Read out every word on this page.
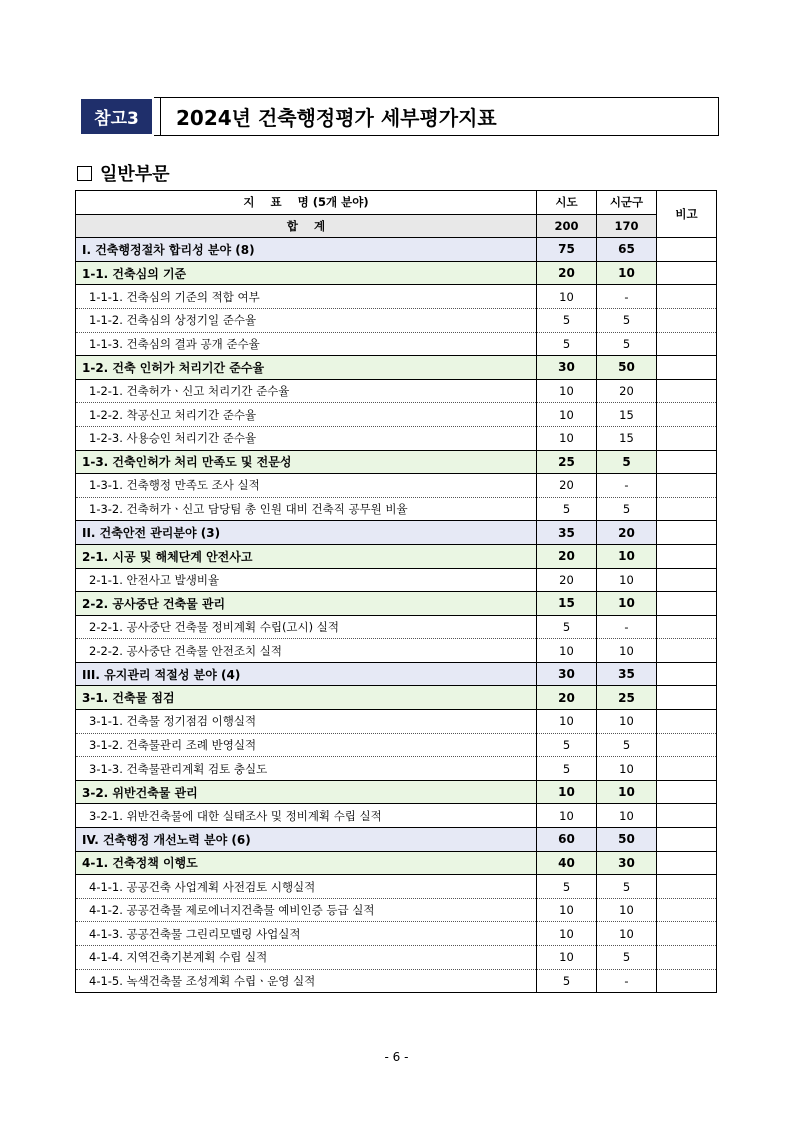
참고3	2024년 건축행정평가 세부평가지표
일반부문
지    표    명 (5개 분야)	시도	시군구	비고
합    계	200	170	
I. 건축행정절차 합리성 분야 (8)	75	65	
1-1. 건축심의 기준	20	10	
1-1-1. 건축심의 기준의 적합 여부	10	-	
1-1-2. 건축심의 상정기일 준수율	5	5	
1-1-3. 건축심의 결과 공개 준수율	5	5	
1-2. 건축 인허가 처리기간 준수율	30	50	
1-2-1. 건축허가ㆍ신고 처리기간 준수율	10	20	
1-2-2. 착공신고 처리기간 준수율	10	15	
1-2-3. 사용승인 처리기간 준수율	10	15	
1-3. 건축인허가 처리 만족도 및 전문성	25	5	
1-3-1. 건축행정 만족도 조사 실적	20	-	
1-3-2. 건축허가ㆍ신고 담당팀 총 인원 대비 건축직 공무원 비율	5	5	
II. 건축안전 관리분야 (3)	35	20	
2-1. 시공 및 해체단계 안전사고	20	10	
2-1-1. 안전사고 발생비율	20	10	
2-2. 공사중단 건축물 관리	15	10	
2-2-1. 공사중단 건축물 정비계획 수립(고시) 실적	5	-	
2-2-2. 공사중단 건축물 안전조치 실적	10	10	
III. 유지관리 적절성 분야 (4)	30	35	
3-1. 건축물 점검	20	25	
3-1-1. 건축물 정기점검 이행실적	10	10	
3-1-2. 건축물관리 조례 반영실적	5	5	
3-1-3. 건축물관리계획 검토 충실도	5	10	
3-2. 위반건축물 관리	10	10	
3-2-1. 위반건축물에 대한 실태조사 및 정비계획 수립 실적	10	10	
IV. 건축행정 개선노력 분야 (6)	60	50	
4-1. 건축정책 이행도	40	30	
4-1-1. 공공건축 사업계획 사전검토 시행실적	5	5	
4-1-2. 공공건축물 제로에너지건축물 예비인증 등급 실적	10	10	
4-1-3. 공공건축물 그린리모델링 사업실적	10	10	
4-1-4. 지역건축기본계획 수립 실적	10	5	
4-1-5. 녹색건축물 조성계획 수립ㆍ운영 실적	5	-	
- 6 -
